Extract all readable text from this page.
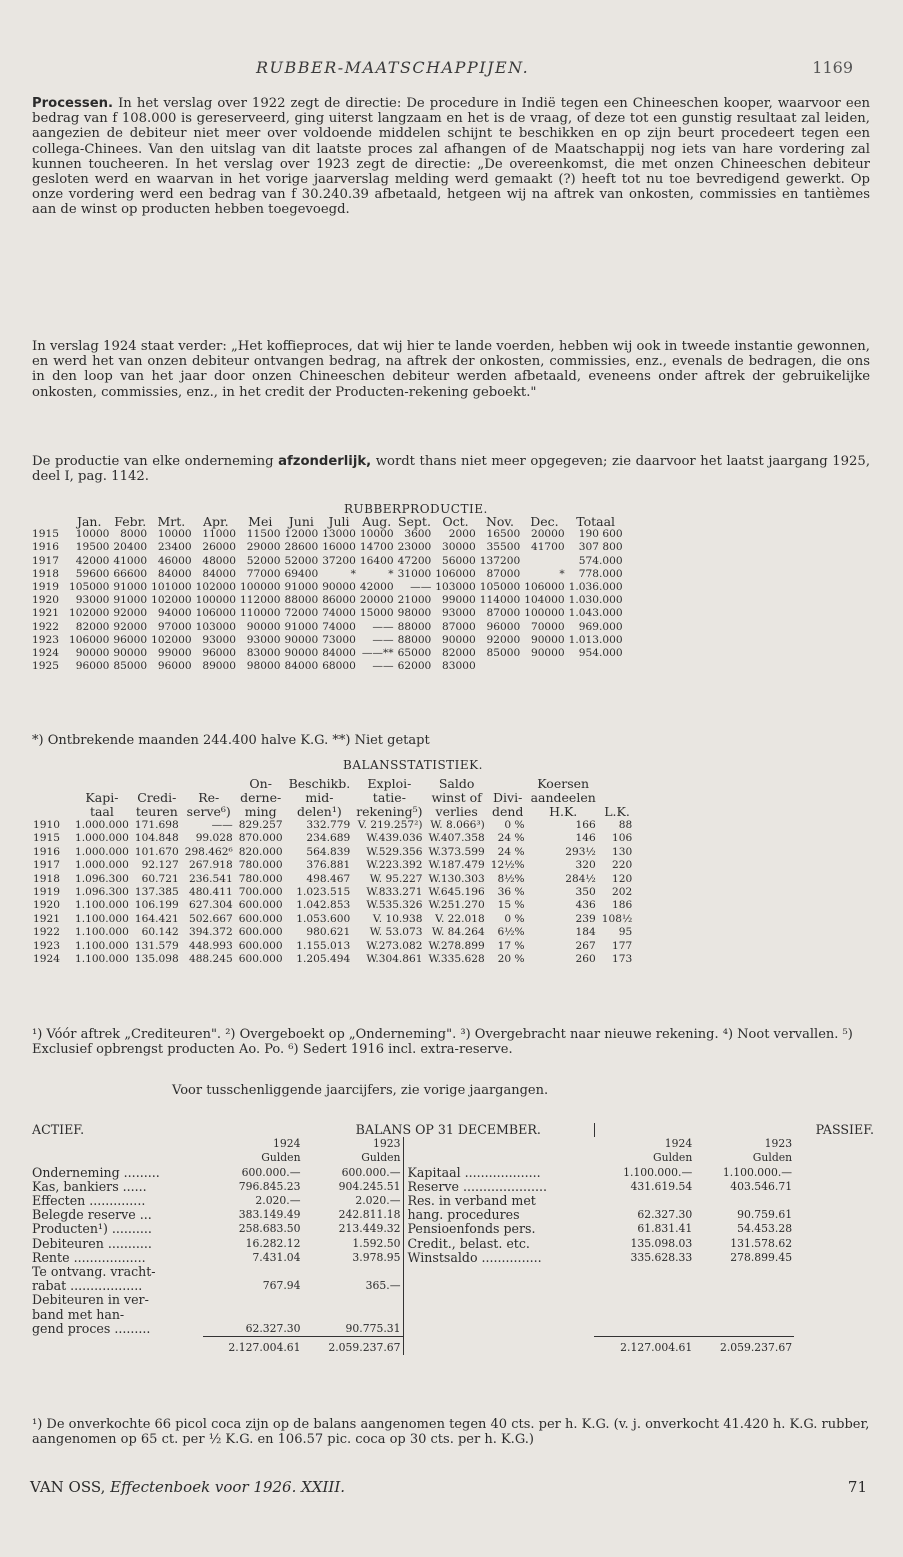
RUBBER-MAATSCHAPPIJEN.	1169

Processen. In het verslag over 1922 zegt de directie: De procedure in Indië tegen een Chineeschen kooper, waarvoor een bedrag van f 108.000 is gereserveerd, ging uiterst langzaam en het is de vraag, of deze tot een gunstig resultaat zal leiden, aangezien de debiteur niet meer over voldoende middelen schijnt te beschikken en op zijn beurt procedeert tegen een collega-Chinees. Van den uitslag van dit laatste proces zal afhangen of de Maatschappij nog iets van hare vordering zal kunnen toucheeren. In het verslag over 1923 zegt de directie: „De overeenkomst, die met onzen Chineeschen debiteur gesloten werd en waarvan in het vorige jaarverslag melding werd gemaakt (?) heeft tot nu toe bevredigend gewerkt. Op onze vordering werd een bedrag van f 30.240.39 afbetaald, hetgeen wij na aftrek van onkosten, commissies en tantièmes aan de winst op producten hebben toegevoegd.

In verslag 1924 staat verder: „Het koffieproces, dat wij hier te lande voerden, hebben wij ook in tweede instantie gewonnen, en werd het van onzen debiteur ontvangen bedrag, na aftrek der onkosten, commissies, enz., evenals de bedragen, die ons in den loop van het jaar door onzen Chineeschen debiteur werden afbetaald, eveneens onder aftrek der gebruikelijke onkosten, commissies, enz., in het credit der Producten-rekening geboekt."

De productie van elke onderneming afzonderlijk, wordt thans niet meer opgegeven; zie daarvoor het laatst jaargang 1925, deel I, pag. 1142.

RUBBERPRODUCTIE.
	Jan.	Febr.	Mrt.	Apr.	Mei	Juni	Juli	Aug.	Sept.	Oct.	Nov.	Dec.	Totaal
1915	10000	8000	10000	11000	11500	12000	13000	10000	3600	2000	16500	20000	190 600
1916	19500	20400	23400	26000	29000	28600	16000	14700	23000	30000	35500	41700	307 800
1917	42000	41000	46000	48000	52000	52000	37200	16400	47200	56000	137200		574.000
1918	59600	66600	84000	84000	77000	69400	*	*	31000	106000	87000	*	778.000
1919	105000	91000	101000	102000	100000	91000	90000	42000	——	103000	105000	106000	1.036.000
1920	93000	91000	102000	100000	112000	88000	86000	20000	21000	99000	114000	104000	1.030.000
1921	102000	92000	94000	106000	110000	72000	74000	15000	98000	93000	87000	100000	1.043.000
1922	82000	92000	97000	103000	90000	91000	74000	——	88000	87000	96000	70000	969.000
1923	106000	96000	102000	93000	93000	90000	73000	——	88000	90000	92000	90000	1.013.000
1924	90000	90000	99000	96000	83000	90000	84000	——**	65000	82000	85000	90000	954.000
1925	96000	85000	96000	89000	98000	84000	68000	——	62000	83000			

*) Ontbrekende maanden 244.400 halve K.G. **) Niet getapt

BALANSSTATISTIEK.
				On-	Beschikb.	Exploi-	Saldo		Koersen	
	Kapi-	Credi-	Re-	derne-	mid-	tatie-	winst of	Divi-	aandeelen	
	taal	teuren	serve⁶)	ming	delen¹)	rekening⁵)	verlies	dend	H.K.	L.K.
1910	1.000.000	171.698	——	829.257	332.779	V. 219.257²)	W. 8.066³)	0 %	166	88
1915	1.000.000	104.848	99.028	870.000	234.689	W.439.036	W.407.358	24 %	146	106
1916	1.000.000	101.670	298.462⁶	820.000	564.839	W.529.356	W.373.599	24 %	293½	130
1917	1.000.000	92.127	267.918	780.000	376.881	W.223.392	W.187.479	12½%	320	220
1918	1.096.300	60.721	236.541	780.000	498.467	W. 95.227	W.130.303	8½%	284½	120
1919	1.096.300	137.385	480.411	700.000	1.023.515	W.833.271	W.645.196	36 %	350	202
1920	1.100.000	106.199	627.304	600.000	1.042.853	W.535.326	W.251.270	15 %	436	186
1921	1.100.000	164.421	502.667	600.000	1.053.600	V. 10.938	V. 22.018	0 %	239	108½
1922	1.100.000	60.142	394.372	600.000	980.621	W. 53.073	W. 84.264	6½%	184	95
1923	1.100.000	131.579	448.993	600.000	1.155.013	W.273.082	W.278.899	17 %	267	177
1924	1.100.000	135.098	488.245	600.000	1.205.494	W.304.861	W.335.628	20 %	260	173

¹) Vóór aftrek „Crediteuren". ²) Overgeboekt op „Onderneming". ³) Overgebracht naar nieuwe rekening. ⁴) Noot vervallen. ⁵) Exclusief opbrengst producten Ao. Po. ⁶) Sedert 1916 incl. extra-reserve.

Voor tusschenliggende jaarcijfers, zie vorige jaargangen.

ACTIEF.		BALANS OP 31 DECEMBER.				PASSIEF.
	1924	1923		1924	1923	
	Gulden	Gulden		Gulden	Gulden	
Onderneming .........	600.000.—	600.000.—	Kapitaal ...................	1.100.000.—	1.100.000.—	
Kas, bankiers ......	796.845.23	904.245.51	Reserve .....................	431.619.54	403.546.71	
Effecten ..............	2.020.—	2.020.—	Res. in verband met			
Belegde reserve ...	383.149.49	242.811.18	hang. procedures	62.327.30	90.759.61	
Producten¹) ..........	258.683.50	213.449.32	Pensioenfonds pers.	61.831.41	54.453.28	
Debiteuren ...........	16.282.12	1.592.50	Credit., belast. etc.	135.098.03	131.578.62	
Rente ..................	7.431.04	3.978.95	Winstsaldo ...............	335.628.33	278.899.45	
Te ontvang. vracht-						
rabat ..................	767.94	365.—				
Debiteuren in ver-						
band met han-						
gend proces .........	62.327.30	90.775.31				
	2.127.004.61	2.059.237.67		2.127.004.61	2.059.237.67	

¹) De onverkochte 66 picol coca zijn op de balans aangenomen tegen 40 cts. per h. K.G. (v. j. onverkocht 41.420 h. K.G. rubber, aangenomen op 65 ct. per ½ K.G. en 106.57 pic. coca op 30 cts. per h. K.G.)

VAN OSS, Effectenboek voor 1926. XXIII.	71
